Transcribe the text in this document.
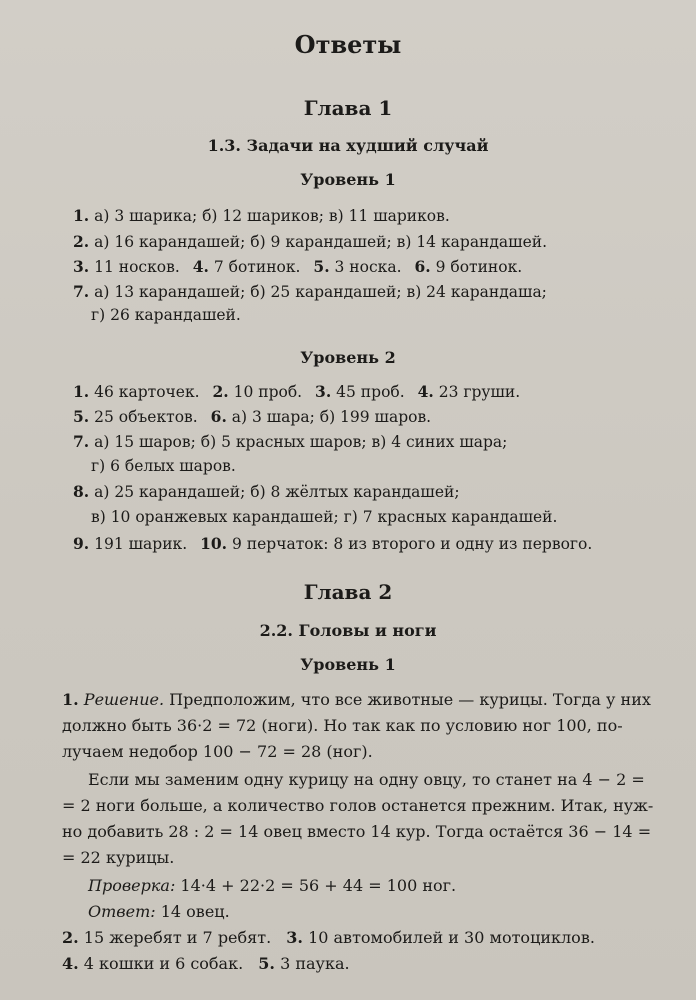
Ответы
Глава 1
1.3. Задачи на худший случай
Уровень 1
1. а) 3 шарика; б) 12 шариков; в) 11 шариков.
2. а) 16 карандашей; б) 9 карандашей; в) 14 карандашей.
3. 11 носков. 4. 7 ботинок. 5. 3 носка. 6. 9 ботинок.
7. а) 13 карандашей; б) 25 карандашей; в) 24 карандаша;
г) 26 карандашей.
Уровень 2
1. 46 карточек. 2. 10 проб. 3. 45 проб. 4. 23 груши.
5. 25 объектов. 6. а) 3 шара; б) 199 шаров.
7. а) 15 шаров; б) 5 красных шаров; в) 4 синих шара;
г) 6 белых шаров.
8. а) 25 карандашей; б) 8 жёлтых карандашей;
в) 10 оранжевых карандашей; г) 7 красных карандашей.
9. 191 шарик. 10. 9 перчаток: 8 из второго и одну из первого.
Глава 2
2.2. Головы и ноги
Уровень 1
1. Решение. Предположим, что все животные — курицы. Тогда у них
должно быть 36·2 = 72 (ноги). Но так как по условию ног 100, по-
лучаем недобор 100 − 72 = 28 (ног).
Если мы заменим одну курицу на одну овцу, то станет на 4 − 2 =
= 2 ноги больше, а количество голов останется прежним. Итак, нуж-
но добавить 28 : 2 = 14 овец вместо 14 кур. Тогда остаётся 36 − 14 =
= 22 курицы.
Проверка: 14·4 + 22·2 = 56 + 44 = 100 ног.
Ответ: 14 овец.
2. 15 жеребят и 7 ребят. 3. 10 автомобилей и 30 мотоциклов.
4. 4 кошки и 6 собак. 5. 3 паука.
